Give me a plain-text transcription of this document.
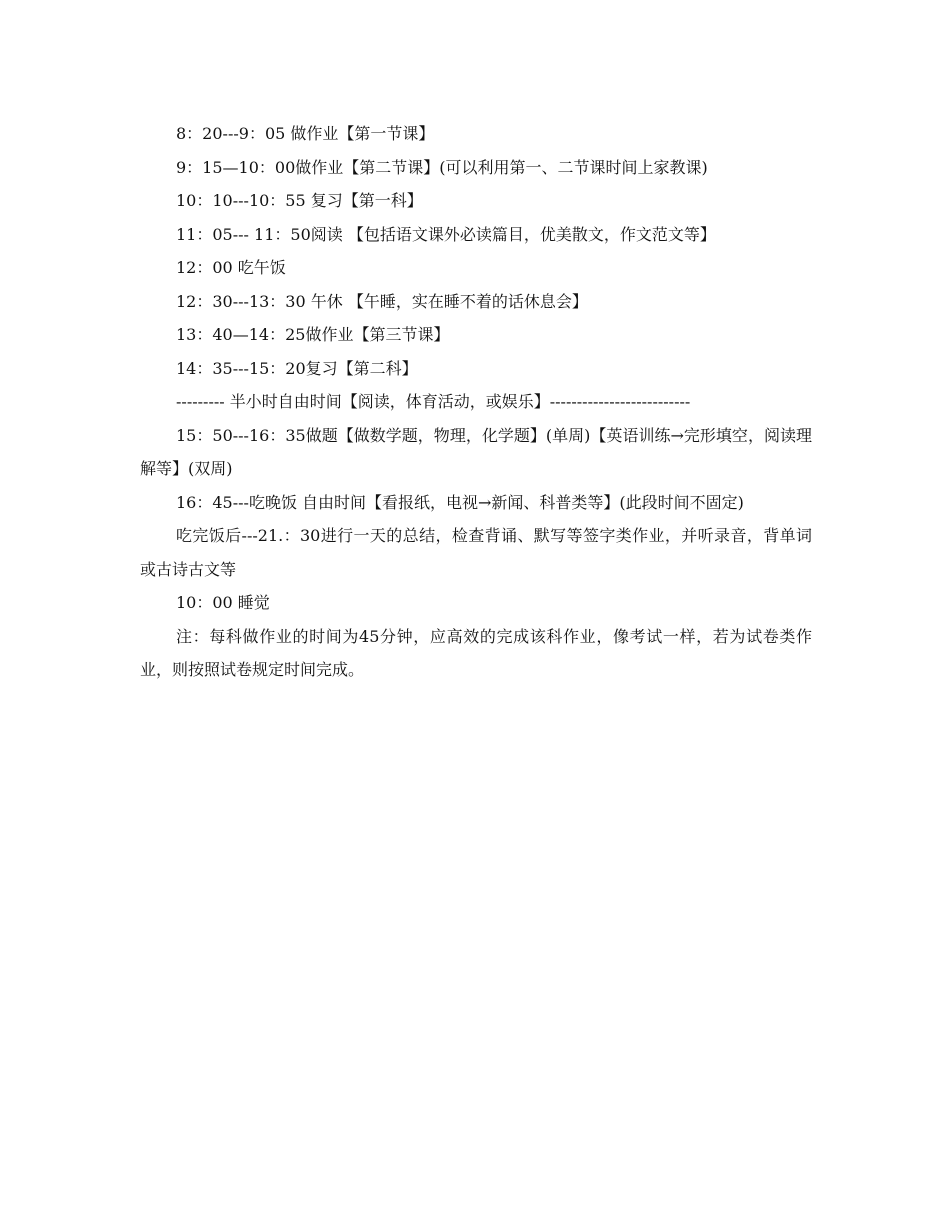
8：20---9：05 做作业【第一节课】

9：15—10：00做作业【第二节课】(可以利用第一、二节课时间上家教课)

10：10---10：55 复习【第一科】

11：05--- 11：50阅读 【包括语文课外必读篇目，优美散文，作文范文等】

12：00 吃午饭

12：30---13：30 午休 【午睡，实在睡不着的话休息会】

13：40—14：25做作业【第三节课】

14：35---15：20复习【第二科】

--------- 半小时自由时间【阅读，体育活动，或娱乐】--------------------------

15：50---16：35做题【做数学题，物理，化学题】(单周)【英语训练→完形填空，阅读理解等】(双周)

16：45---吃晚饭 自由时间【看报纸，电视→新闻、科普类等】(此段时间不固定)

吃完饭后---21.：30进行一天的总结，检查背诵、默写等签字类作业，并听录音，背单词或古诗古文等

10：00 睡觉

注：每科做作业的时间为45分钟，应高效的完成该科作业，像考试一样，若为试卷类作业，则按照试卷规定时间完成。
